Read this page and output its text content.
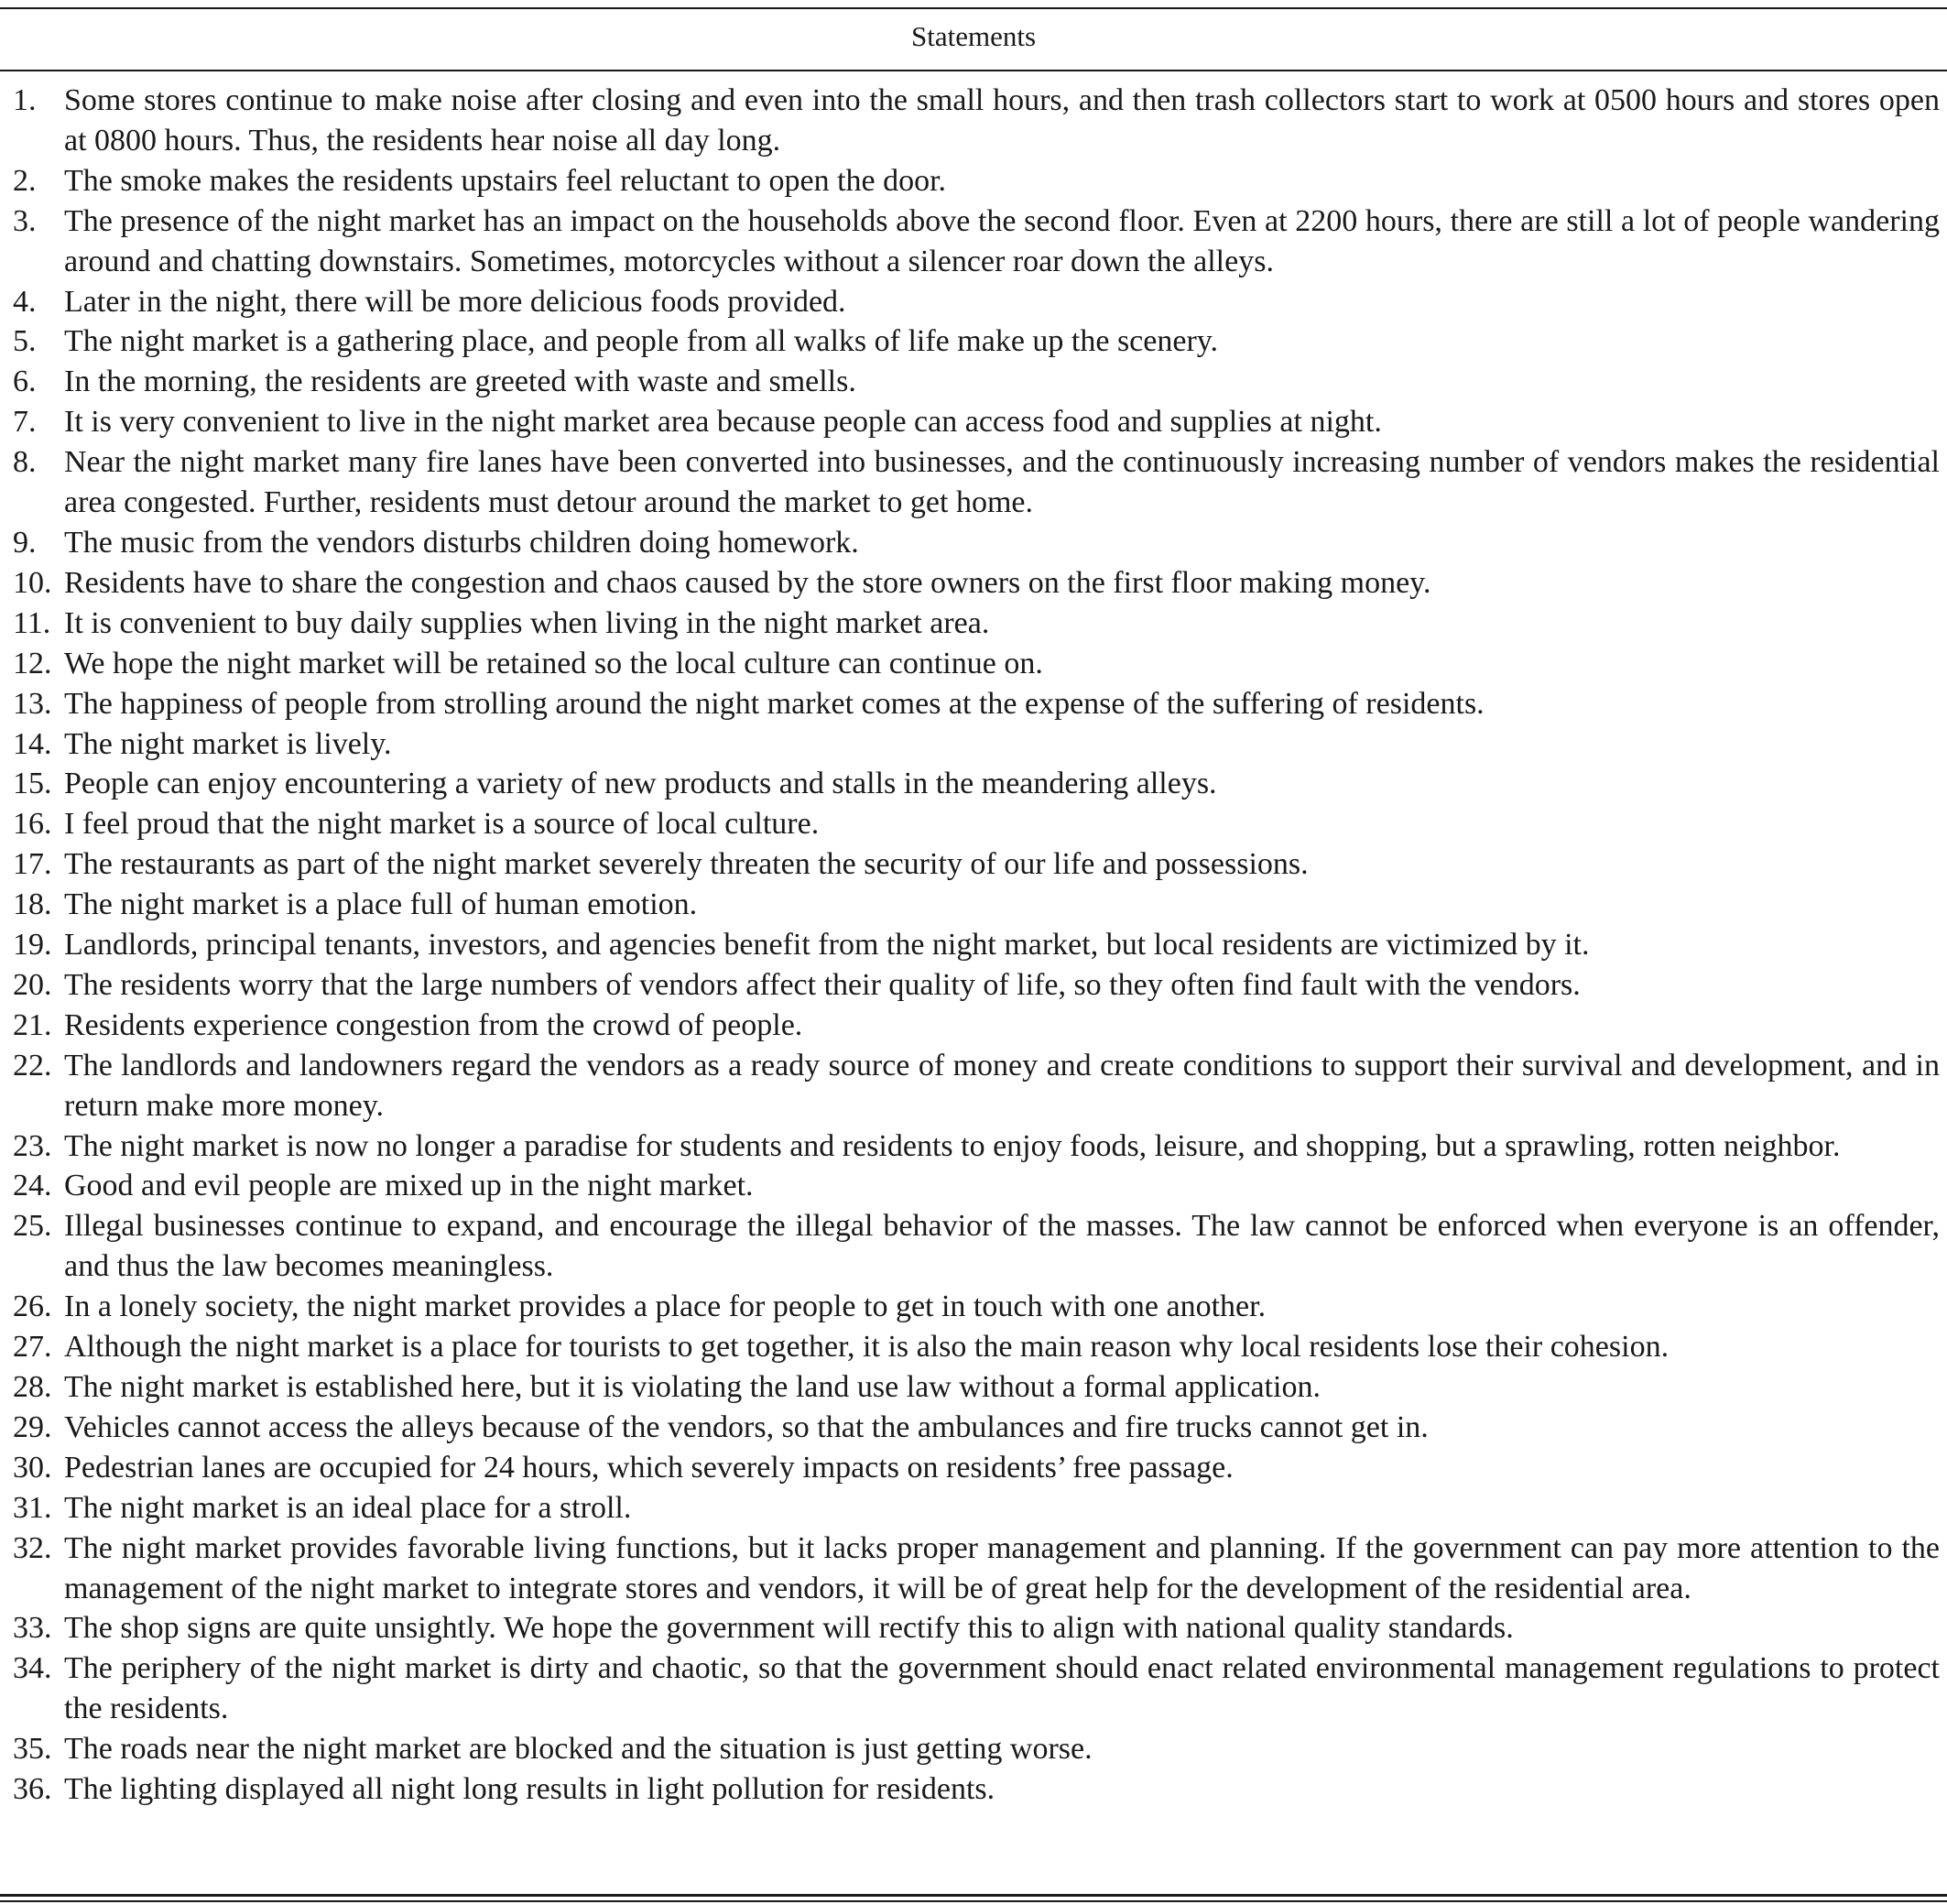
Statements
1. Some stores continue to make noise after closing and even into the small hours, and then trash collectors start to work at 0500 hours and stores open at 0800 hours. Thus, the residents hear noise all day long.
2. The smoke makes the residents upstairs feel reluctant to open the door.
3. The presence of the night market has an impact on the households above the second floor. Even at 2200 hours, there are still a lot of people wandering around and chatting downstairs. Sometimes, motorcycles without a silencer roar down the alleys.
4. Later in the night, there will be more delicious foods provided.
5. The night market is a gathering place, and people from all walks of life make up the scenery.
6. In the morning, the residents are greeted with waste and smells.
7. It is very convenient to live in the night market area because people can access food and supplies at night.
8. Near the night market many fire lanes have been converted into businesses, and the continuously increasing number of vendors makes the residential area congested. Further, residents must detour around the market to get home.
9. The music from the vendors disturbs children doing homework.
10. Residents have to share the congestion and chaos caused by the store owners on the first floor making money.
11. It is convenient to buy daily supplies when living in the night market area.
12. We hope the night market will be retained so the local culture can continue on.
13. The happiness of people from strolling around the night market comes at the expense of the suffering of residents.
14. The night market is lively.
15. People can enjoy encountering a variety of new products and stalls in the meandering alleys.
16. I feel proud that the night market is a source of local culture.
17. The restaurants as part of the night market severely threaten the security of our life and possessions.
18. The night market is a place full of human emotion.
19. Landlords, principal tenants, investors, and agencies benefit from the night market, but local residents are victimized by it.
20. The residents worry that the large numbers of vendors affect their quality of life, so they often find fault with the vendors.
21. Residents experience congestion from the crowd of people.
22. The landlords and landowners regard the vendors as a ready source of money and create conditions to support their survival and development, and in return make more money.
23. The night market is now no longer a paradise for students and residents to enjoy foods, leisure, and shopping, but a sprawling, rotten neighbor.
24. Good and evil people are mixed up in the night market.
25. Illegal businesses continue to expand, and encourage the illegal behavior of the masses. The law cannot be enforced when everyone is an offender, and thus the law becomes meaningless.
26. In a lonely society, the night market provides a place for people to get in touch with one another.
27. Although the night market is a place for tourists to get together, it is also the main reason why local residents lose their cohesion.
28. The night market is established here, but it is violating the land use law without a formal application.
29. Vehicles cannot access the alleys because of the vendors, so that the ambulances and fire trucks cannot get in.
30. Pedestrian lanes are occupied for 24 hours, which severely impacts on residents’ free passage.
31. The night market is an ideal place for a stroll.
32. The night market provides favorable living functions, but it lacks proper management and planning. If the government can pay more attention to the management of the night market to integrate stores and vendors, it will be of great help for the development of the residential area.
33. The shop signs are quite unsightly. We hope the government will rectify this to align with national quality standards.
34. The periphery of the night market is dirty and chaotic, so that the government should enact related environmental management regulations to protect the residents.
35. The roads near the night market are blocked and the situation is just getting worse.
36. The lighting displayed all night long results in light pollution for residents.
